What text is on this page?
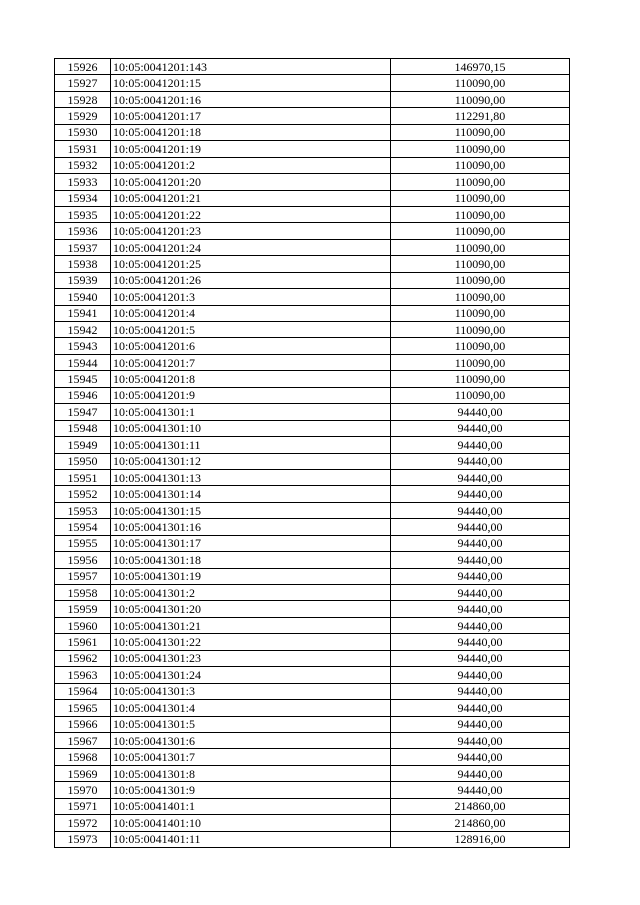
15926	10:05:0041201:143	146970,15
15927	10:05:0041201:15	110090,00
15928	10:05:0041201:16	110090,00
15929	10:05:0041201:17	112291,80
15930	10:05:0041201:18	110090,00
15931	10:05:0041201:19	110090,00
15932	10:05:0041201:2	110090,00
15933	10:05:0041201:20	110090,00
15934	10:05:0041201:21	110090,00
15935	10:05:0041201:22	110090,00
15936	10:05:0041201:23	110090,00
15937	10:05:0041201:24	110090,00
15938	10:05:0041201:25	110090,00
15939	10:05:0041201:26	110090,00
15940	10:05:0041201:3	110090,00
15941	10:05:0041201:4	110090,00
15942	10:05:0041201:5	110090,00
15943	10:05:0041201:6	110090,00
15944	10:05:0041201:7	110090,00
15945	10:05:0041201:8	110090,00
15946	10:05:0041201:9	110090,00
15947	10:05:0041301:1	94440,00
15948	10:05:0041301:10	94440,00
15949	10:05:0041301:11	94440,00
15950	10:05:0041301:12	94440,00
15951	10:05:0041301:13	94440,00
15952	10:05:0041301:14	94440,00
15953	10:05:0041301:15	94440,00
15954	10:05:0041301:16	94440,00
15955	10:05:0041301:17	94440,00
15956	10:05:0041301:18	94440,00
15957	10:05:0041301:19	94440,00
15958	10:05:0041301:2	94440,00
15959	10:05:0041301:20	94440,00
15960	10:05:0041301:21	94440,00
15961	10:05:0041301:22	94440,00
15962	10:05:0041301:23	94440,00
15963	10:05:0041301:24	94440,00
15964	10:05:0041301:3	94440,00
15965	10:05:0041301:4	94440,00
15966	10:05:0041301:5	94440,00
15967	10:05:0041301:6	94440,00
15968	10:05:0041301:7	94440,00
15969	10:05:0041301:8	94440,00
15970	10:05:0041301:9	94440,00
15971	10:05:0041401:1	214860,00
15972	10:05:0041401:10	214860,00
15973	10:05:0041401:11	128916,00
